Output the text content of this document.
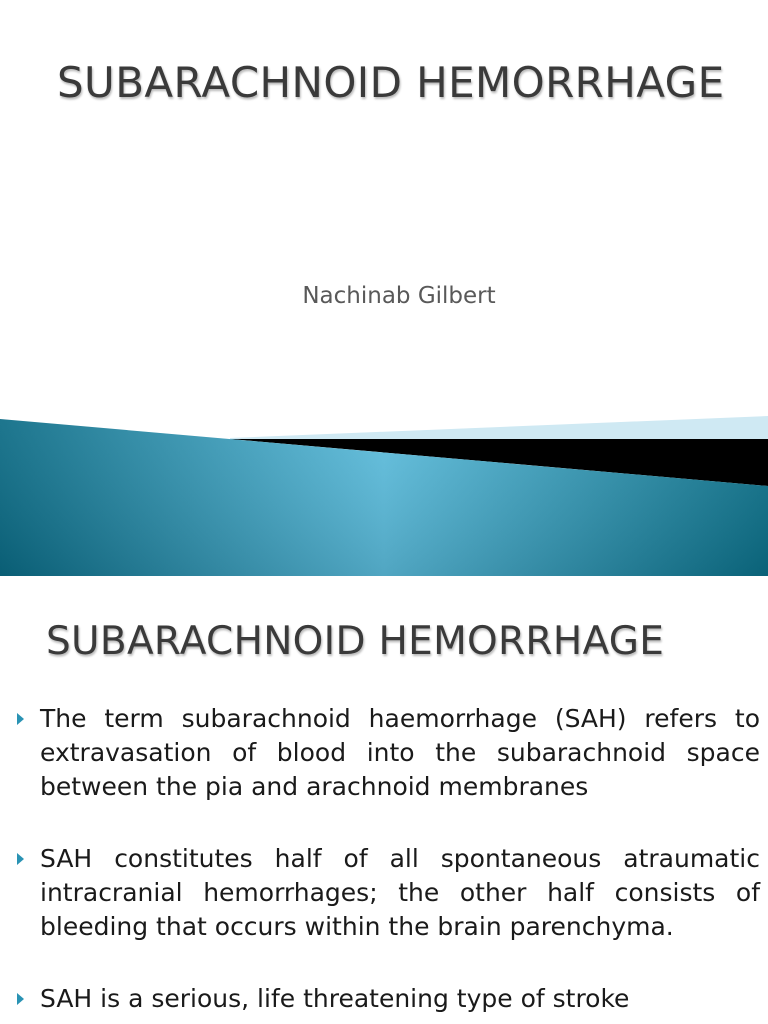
SUBARACHNOID HEMORRHAGE

Nachinab Gilbert

SUBARACHNOID HEMORRHAGE
The term subarachnoid haemorrhage (SAH) refers to extravasation of blood into the subarachnoid space between the pia and arachnoid membranes
SAH constitutes half of all spontaneous atraumatic intracranial hemorrhages; the other half consists of bleeding that occurs within the brain parenchyma.
SAH is a serious, life threatening type of stroke
